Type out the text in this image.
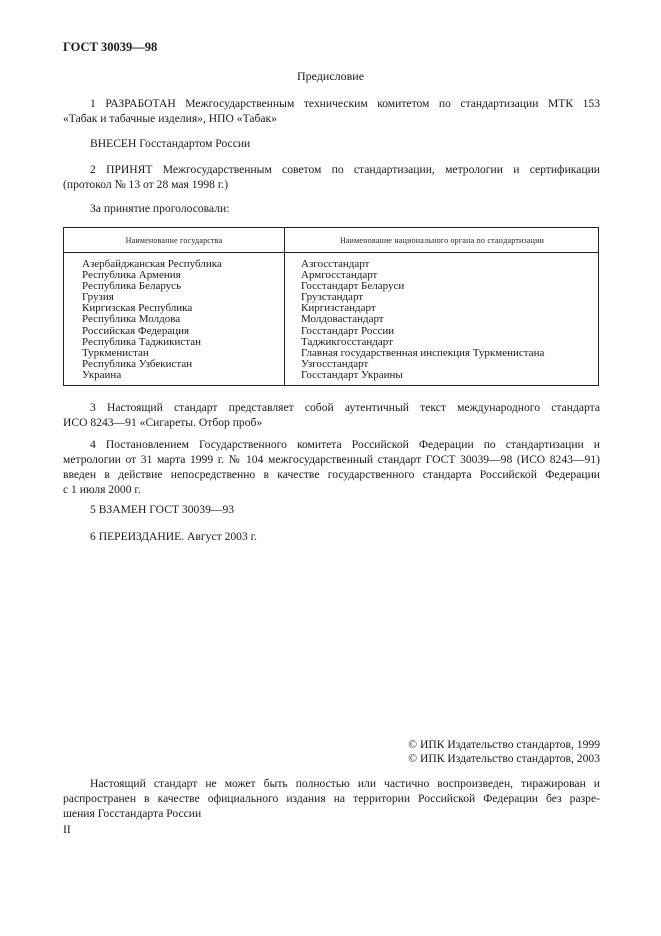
ГОСТ 30039—98
Предисловие

1 РАЗРАБОТАН Межгосударственным техническим комитетом по стандартизации МТК 153

«Табак и табачные изделия», НПО «Табак»

ВНЕСЕН Госстандартом России

2 ПРИНЯТ Межгосударственным советом по стандартизации, метрологии и сертификации

(протокол № 13 от 28 мая 1998 г.)

За принятие проголосовали:

Наименование государства	Наименование национального органа по стандартизации
Азербайджанская Республика
Республика Армения
Республика Беларусь
Грузия
Киргизская Республика
Республика Молдова
Российская Федерация
Республика Таджикистан
Туркменистан
Республика Узбекистан
Украина
Азгосстандарт
Армгосстандарт
Госстандарт Беларуси
Грузстандарт
Киргизстандарт
Молдовастандарт
Госстандарт России
Таджикгосстандарт
Главная государственная инспекция Туркменистана
Узгосстандарт
Госстандарт Украины

3 Настоящий стандарт представляет собой аутентичный текст международного стандарта

ИСО 8243—91 «Сигареты. Отбор проб»

4 Постановлением Государственного комитета Российской Федерации по стандартизации и

метрологии от 31 марта 1999 г. № 104 межгосударственный стандарт ГОСТ 30039—98 (ИСО 8243—91)

введен в действие непосредственно в качестве государственного стандарта Российской Федерации

с 1 июля 2000 г.

5 ВЗАМЕН ГОСТ 30039—93

6 ПЕРЕИЗДАНИЕ. Август 2003 г.

© ИПК Издательство стандартов, 1999
© ИПК Издательство стандартов, 2003

Настоящий стандарт не может быть полностью или частично воспроизведен, тиражирован и

распространен в качестве официального издания на территории Российской Федерации без разре-

шения Госстандарта России

II
